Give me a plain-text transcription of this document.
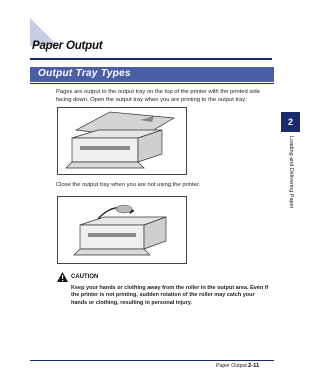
Paper Output
Output Tray Types
Pages are output to the output tray on the top of the printer with the printed side facing down. Open the output tray when you are printing to the output tray.
Close the output tray when you are not using the printer.
CAUTION
Keep your hands or clothing away from the roller in the output area. Even if the printer is not printing, sudden rotation of the roller may catch your hands or clothing, resulting in personal injury.
2
Loading and Delivering Paper
Paper Output 2-11
